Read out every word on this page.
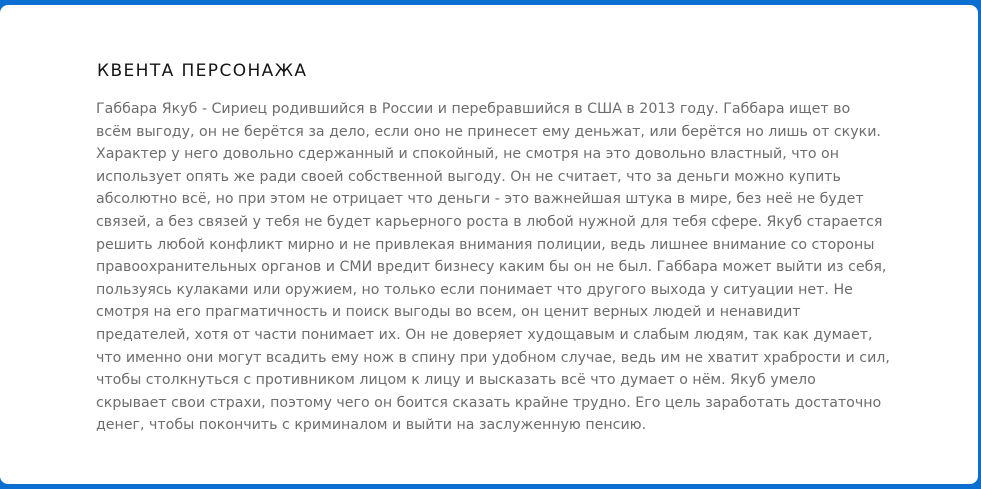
КВЕНТА ПЕРСОНАЖА

Габбара Якуб - Сириец родившийся в России и перебравшийся в США в 2013 году. Габбара ищет во всём выгоду, он не берётся за дело, если оно не принесет ему деньжат, или берётся но лишь от скуки. Характер у него довольно сдержанный и спокойный, не смотря на это довольно властный, что он использует опять же ради своей собственной выгоду. Он не считает, что за деньги можно купить абсолютно всё, но при этом не отрицает что деньги - это важнейшая штука в мире, без неё не будет связей, а без связей у тебя не будет карьерного роста в любой нужной для тебя сфере. Якуб старается решить любой конфликт мирно и не привлекая внимания полиции, ведь лишнее внимание со стороны правоохранительных органов и СМИ вредит бизнесу каким бы он не был. Габбара может выйти из себя, пользуясь кулаками или оружием, но только если понимает что другого выхода у ситуации нет. Не смотря на его прагматичность и поиск выгоды во всем, он ценит верных людей и ненавидит предателей, хотя от части понимает их. Он не доверяет худощавым и слабым людям, так как думает, что именно они могут всадить ему нож в спину при удобном случае, ведь им не хватит храбрости и сил, чтобы столкнуться с противником лицом к лицу и высказать всё что думает о нём. Якуб умело скрывает свои страхи, поэтому чего он боится сказать крайне трудно. Его цель заработать достаточно денег, чтобы покончить с криминалом и выйти на заслуженную пенсию.
